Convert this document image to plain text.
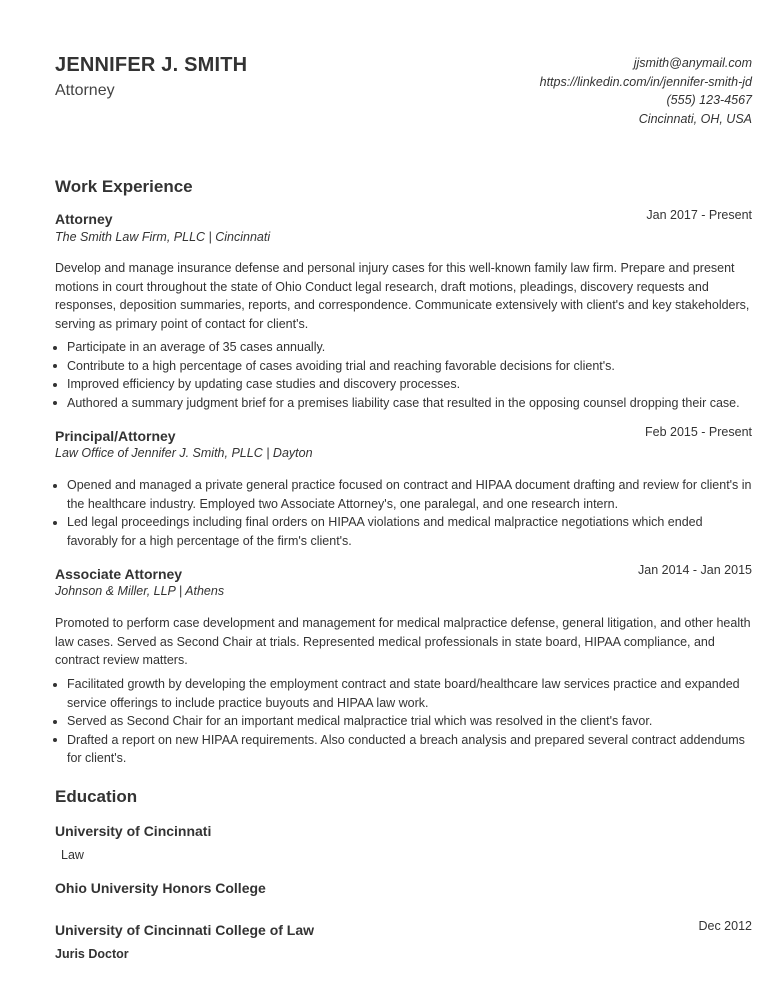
JENNIFER J. SMITH
Attorney
jjsmith@anymail.com
https://linkedin.com/in/jennifer-smith-jd
(555) 123-4567
Cincinnati, OH, USA
Work Experience
Attorney	Jan 2017 - Present
The Smith Law Firm, PLLC | Cincinnati
Develop and manage insurance defense and personal injury cases for this well-known family law firm. Prepare and present motions in court throughout the state of Ohio Conduct legal research, draft motions, pleadings, discovery requests and responses, deposition summaries, reports, and correspondence. Communicate extensively with client's and key stakeholders, serving as primary point of contact for client's.
Participate in an average of 35 cases annually.
Contribute to a high percentage of cases avoiding trial and reaching favorable decisions for client's.
Improved efficiency by updating case studies and discovery processes.
Authored a summary judgment brief for a premises liability case that resulted in the opposing counsel dropping their case.
Principal/Attorney	Feb 2015 - Present
Law Office of Jennifer J. Smith, PLLC | Dayton
Opened and managed a private general practice focused on contract and HIPAA document drafting and review for client's in the healthcare industry. Employed two Associate Attorney's, one paralegal, and one research intern.
Led legal proceedings including final orders on HIPAA violations and medical malpractice negotiations which ended favorably for a high percentage of the firm's client's.
Associate Attorney	Jan 2014 - Jan 2015
Johnson & Miller, LLP | Athens
Promoted to perform case development and management for medical malpractice defense, general litigation, and other health law cases. Served as Second Chair at trials. Represented medical professionals in state board, HIPAA compliance, and contract review matters.
Facilitated growth by developing the employment contract and state board/healthcare law services practice and expanded service offerings to include practice buyouts and HIPAA law work.
Served as Second Chair for an important medical malpractice trial which was resolved in the client's favor.
Drafted a report on new HIPAA requirements. Also conducted a breach analysis and prepared several contract addendums for client's.
Education
University of Cincinnati
Law
Ohio University Honors College
University of Cincinnati College of Law	Dec 2012
Juris Doctor
